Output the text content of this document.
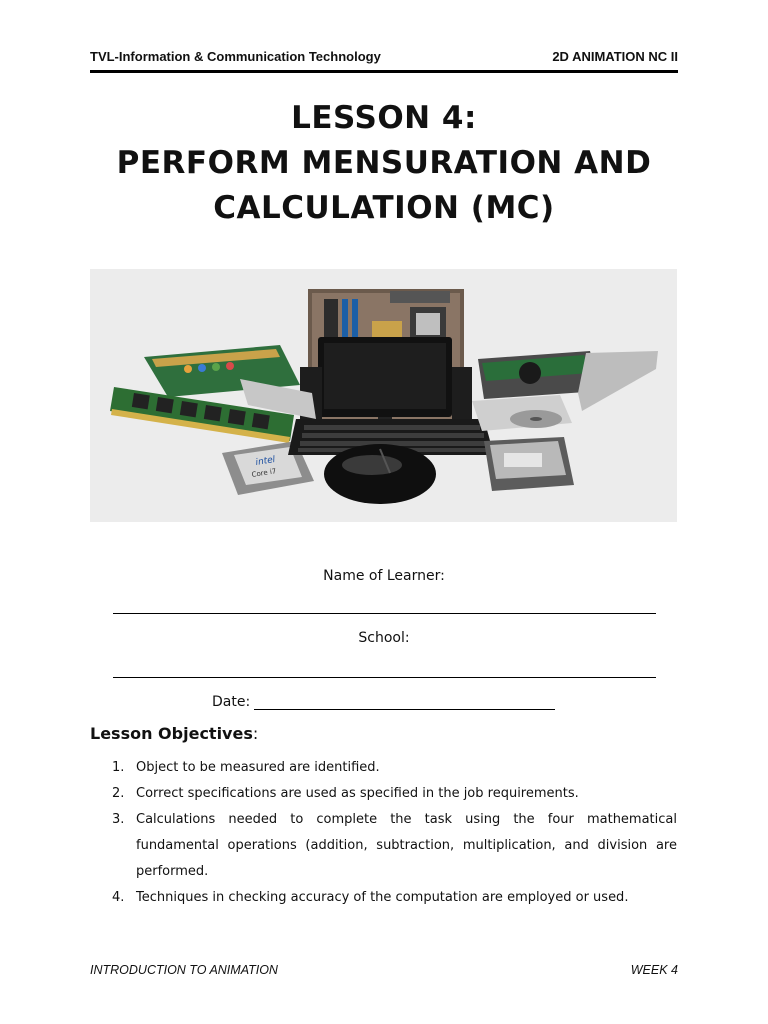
TVL-Information & Communication Technology	2D ANIMATION NC II
LESSON 4:
PERFORM MENSURATION AND
CALCULATION (MC)
intel
Core i7
Name of Learner:
School:
Date:
Lesson Objectives:
1. Object to be measured are identified.
2. Correct specifications are used as specified in the job requirements.
3. Calculations needed to complete the task using the four mathematical fundamental operations (addition, subtraction, multiplication, and division are performed.
4. Techniques in checking accuracy of the computation are employed or used.
INTRODUCTION TO ANIMATION	WEEK 4
